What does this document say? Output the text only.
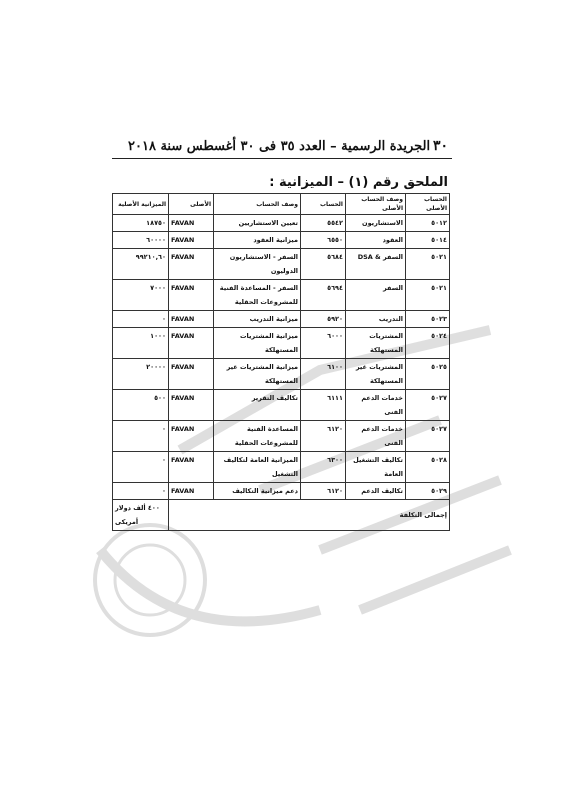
٣٠
الجريدة الرسمية – العدد ٣٥ فى ٣٠ أغسطس سنة ٢٠١٨
الملحق رقم (١) – الميزانية :
الحساب الأصلى	وصف الحساب الأصلى	الحساب	وصف الحساب	الأصلى	الميزانية الأصلية
٥٠١٢	الاستشاريون	٥٥٤٢	تعيين الاستشاريين	FAVAN	١٨٧٥٠
٥٠١٤	العقود	٦٥٥٠	ميزانية العقود	FAVAN	٦٠٠٠٠
٥٠٢١	السفر & DSA	٥٦٨٤	السفر - الاستشاريون الدوليون	FAVAN	٩٩٢١٠,٦٠
٥٠٢١	السفر	٥٦٩٤	السفر - المساعدة الفنية للمشروعات الحقلية	FAVAN	٧٠٠٠
٥٠٢٣	التدريب	٥٩٢٠	ميزانية التدريب	FAVAN	٠
٥٠٢٤	المشتريات المستهلكة	٦٠٠٠	ميزانية المشتريات المستهلكة	FAVAN	١٠٠٠
٥٠٢٥	المشتريات غير المستهلكة	٦١٠٠	ميزانية المشتريات غير المستهلكة	FAVAN	٢٠٠٠٠
٥٠٢٧	خدمات الدعم الفنى	٦١١١	تكاليف التقرير	FAVAN	٥٠٠
٥٠٢٧	خدمات الدعم الفنى	٦١٢٠	المساعدة الفنية للمشروعات الحقلية	FAVAN	٠
٥٠٢٨	تكاليف التشغيل العامة	٦٣٠٠	الميزانية العامة لتكاليف التشغيل	FAVAN	٠
٥٠٢٩	تكاليف الدعم	٦١٢٠	دعم ميزانية التكاليف	FAVAN	٠
إجمالى التكلفة					٤٠٠ ألف دولار أمريكى
